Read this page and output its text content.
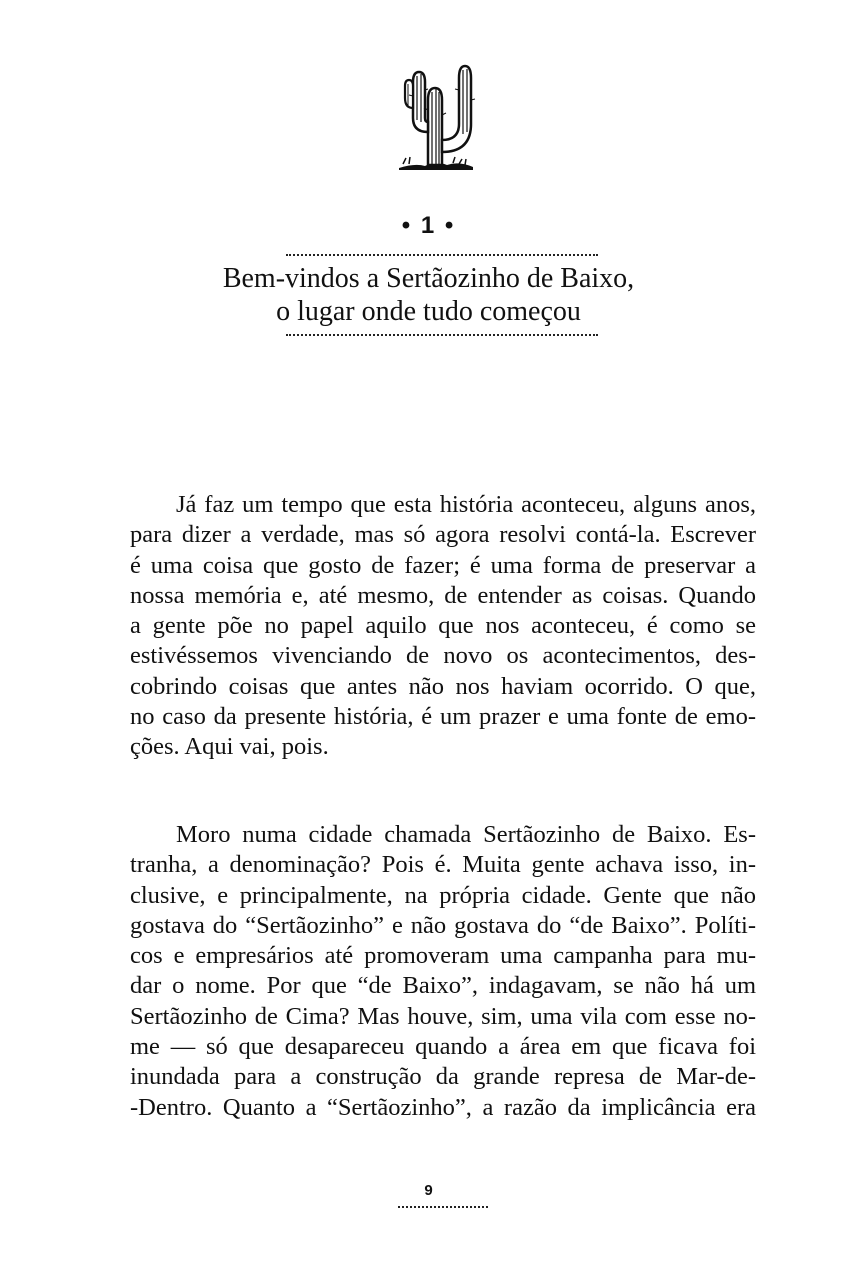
• 1 •
Bem-vindos a Sertãozinho de Baixo,
o lugar onde tudo começou
Já faz um tempo que esta história aconteceu, alguns anos,
para dizer a verdade, mas só agora resolvi contá-la. Escrever
é uma coisa que gosto de fazer; é uma forma de preservar a
nossa memória e, até mesmo, de entender as coisas. Quando
a gente põe no papel aquilo que nos aconteceu, é como se
estivéssemos vivenciando de novo os acontecimentos, des-
cobrindo coisas que antes não nos haviam ocorrido. O que,
no caso da presente história, é um prazer e uma fonte de emo-
ções. Aqui vai, pois.
Moro numa cidade chamada Sertãozinho de Baixo. Es-
tranha, a denominação? Pois é. Muita gente achava isso, in-
clusive, e principalmente, na própria cidade. Gente que não
gostava do “Sertãozinho” e não gostava do “de Baixo”. Políti-
cos e empresários até promoveram uma campanha para mu-
dar o nome. Por que “de Baixo”, indagavam, se não há um
Sertãozinho de Cima? Mas houve, sim, uma vila com esse no-
me — só que desapareceu quando a área em que ficava foi
inundada para a construção da grande represa de Mar-de-
-Dentro. Quanto a “Sertãozinho”, a razão da implicância era
9
